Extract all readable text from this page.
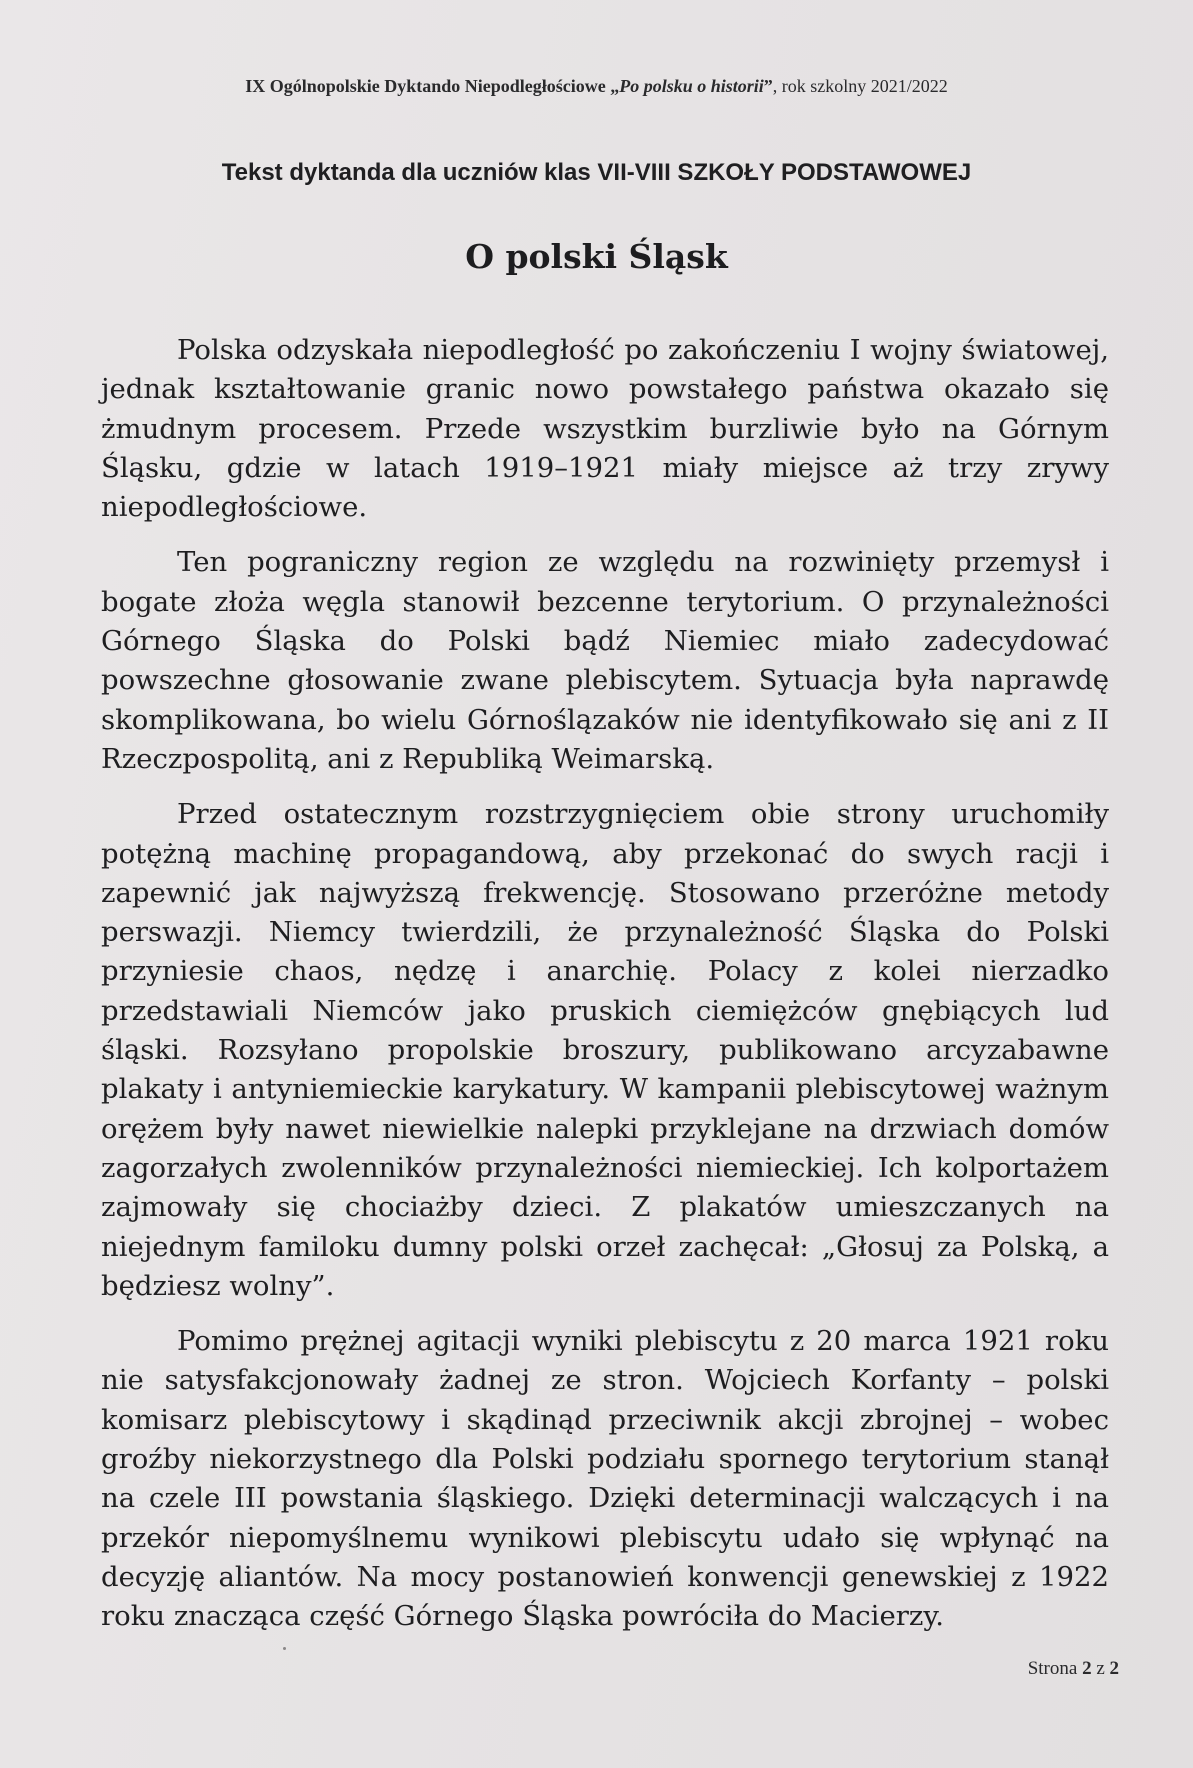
IX Ogólnopolskie Dyktando Niepodległościowe „Po polsku o historii”, rok szkolny 2021/2022
Tekst dyktanda dla uczniów klas VII-VIII SZKOŁY PODSTAWOWEJ
O polski Śląsk

Polska odzyskała niepodległość po zakończeniu I wojny światowej, jednak kształtowanie granic nowo powstałego państwa okazało się żmudnym procesem. Przede wszystkim burzliwie było na Górnym Śląsku, gdzie w latach 1919–1921 miały miejsce aż trzy zrywy niepodległościowe.

Ten pograniczny region ze względu na rozwinięty przemysł i bogate złoża węgla stanowił bezcenne terytorium. O przynależności Górnego Śląska do Polski bądź Niemiec miało zadecydować powszechne głosowanie zwane plebiscytem. Sytuacja była naprawdę skomplikowana, bo wielu Górnoślązaków nie identyfikowało się ani z II Rzeczpospolitą, ani z Republiką Weimarską.

Przed ostatecznym rozstrzygnięciem obie strony uruchomiły potężną machinę propagandową, aby przekonać do swych racji i zapewnić jak najwyższą frekwencję. Stosowano przeróżne metody perswazji. Niemcy twierdzili, że przynależność Śląska do Polski przyniesie chaos, nędzę i anarchię. Polacy z kolei nierzadko przedstawiali Niemców jako pruskich ciemiężców gnębiących lud śląski. Rozsyłano propolskie broszury, publikowano arcyzabawne plakaty i antyniemieckie karykatury. W kampanii plebiscytowej ważnym orężem były nawet niewielkie nalepki przyklejane na drzwiach domów zagorzałych zwolenników przynależności niemieckiej. Ich kolportażem zajmowały się chociażby dzieci. Z plakatów umieszczanych na niejednym familoku dumny polski orzeł zachęcał: „Głosuj za Polską, a będziesz wolny”.

Pomimo prężnej agitacji wyniki plebiscytu z 20 marca 1921 roku nie satysfakcjonowały żadnej ze stron. Wojciech Korfanty – polski komisarz plebiscytowy i skądinąd przeciwnik akcji zbrojnej – wobec groźby niekorzystnego dla Polski podziału spornego terytorium stanął na czele III powstania śląskiego. Dzięki determinacji walczących i na przekór niepomyślnemu wynikowi plebiscytu udało się wpłynąć na decyzję aliantów. Na mocy postanowień konwencji genewskiej z 1922 roku znacząca część Górnego Śląska powróciła do Macierzy.

Strona 2 z 2
